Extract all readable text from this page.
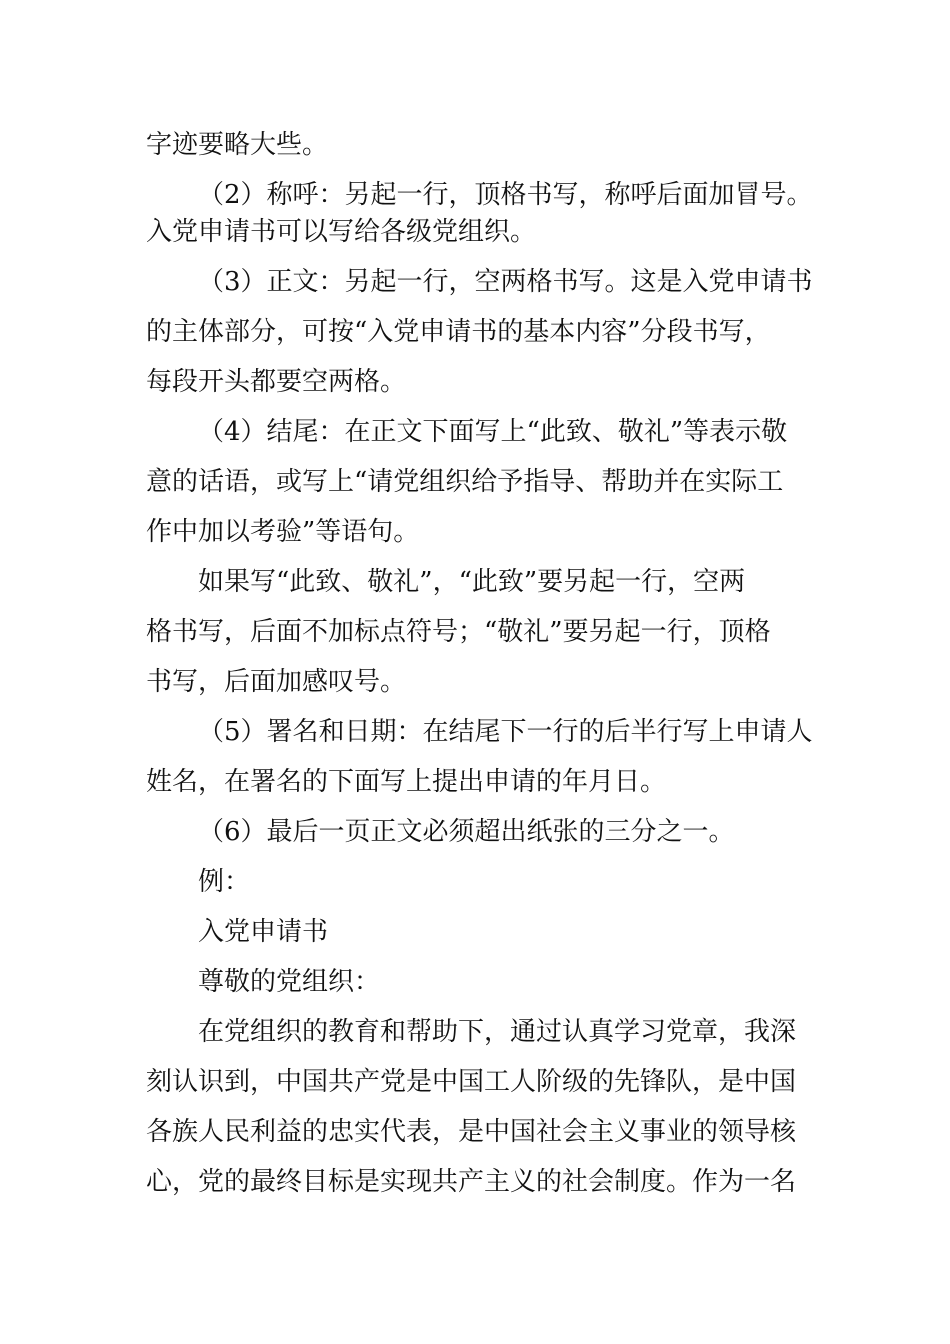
字迹要略大些。
（2）称呼：另起一行，顶格书写，称呼后面加冒号。
入党申请书可以写给各级党组织。
（3）正文：另起一行，空两格书写。这是入党申请书
的主体部分，可按“入党申请书的基本内容”分段书写，
每段开头都要空两格。
（4）结尾：在正文下面写上“此致、敬礼”等表示敬
意的话语，或写上“请党组织给予指导、帮助并在实际工
作中加以考验”等语句。
如果写“此致、敬礼”，“此致”要另起一行，空两
格书写，后面不加标点符号；“敬礼”要另起一行，顶格
书写，后面加感叹号。
（5）署名和日期：在结尾下一行的后半行写上申请人
姓名，在署名的下面写上提出申请的年月日。
（6）最后一页正文必须超出纸张的三分之一。
例：
入党申请书
尊敬的党组织：
在党组织的教育和帮助下，通过认真学习党章，我深
刻认识到，中国共产党是中国工人阶级的先锋队，是中国
各族人民利益的忠实代表，是中国社会主义事业的领导核
心，党的最终目标是实现共产主义的社会制度。作为一名
